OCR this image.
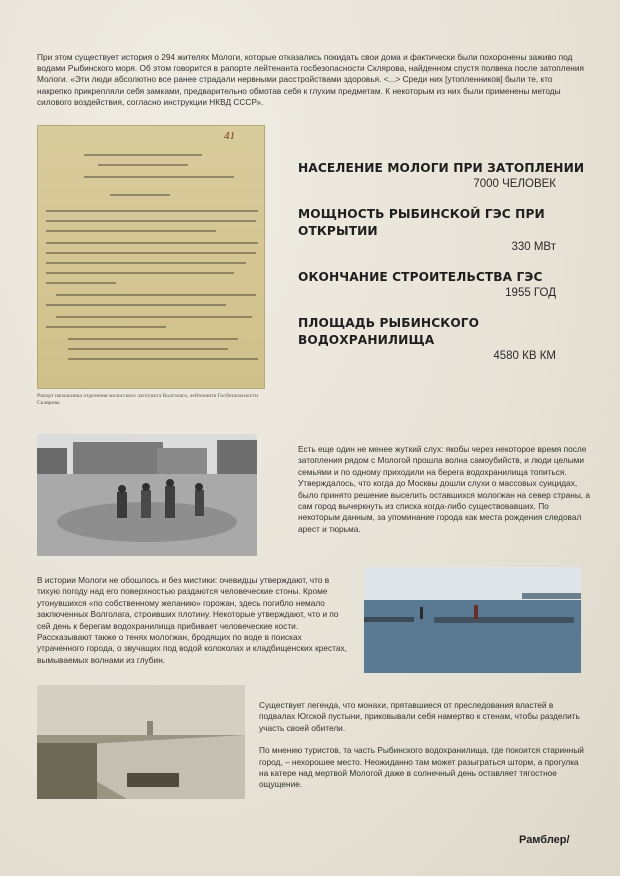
При этом существует история о 294 жителях Мологи, которые отказались покидать свои дома и фактически были похоронены заживо под водами Рыбинского моря. Об этом говорится в рапорте лейтенанта госбезопасности Склярова, найденном спустя полвека после затопления Мологи. «Эти люди абсолютно все ранее страдали нервными расстройствами здоровья. <...> Среди них [утопленников] были те, кто накрепко прикрепляли себя замками, предварительно обмотав себя к глухим предметам. К некоторым из них были применены методы силового воздействия, согласно инструкции НКВД СССР».

41

Рапорт начальника отделения мологского лагпункта Волголага, лейтенанта Госбезопасности Склярова

НАСЕЛЕНИЕ МОЛОГИ ПРИ ЗАТОПЛЕНИИ
7000 ЧЕЛОВЕК
МОЩНОСТЬ РЫБИНСКОЙ ГЭС ПРИ ОТКРЫТИИ
330 МВт
ОКОНЧАНИЕ СТРОИТЕЛЬСТВА ГЭС
1955 ГОД
ПЛОЩАДЬ РЫБИНСКОГО ВОДОХРАНИЛИЩА
4580 КВ КМ

Есть еще один не менее жуткий слух: якобы через некоторое время после затопления рядом с Мологой прошла волна самоубийств, и люди целыми семьями и по одному приходили на берега водохранилища топиться. Утверждалось, что когда до Москвы дошли слухи о массовых суицидах, было принято решение выселить оставшихся мологжан на север страны, а сам город вычеркнуть из списка когда-либо существовавших. По некоторым данным, за упоминание города как места рождения следовал арест и тюрьма.

В истории Мологи не обошлось и без мистики: очевидцы утверждают, что в тихую погоду над его поверхностью раздаются человеческие стоны. Кроме утонувшихся «по собственному желанию» горожан, здесь погибло немало заключенных Волголага, строивших плотину. Некоторые утверждают, что и по сей день к берегам водохранилища прибивает человеческие кости. Рассказывают также о тенях мологжан, бродящих по воде в поисках утраченного города, о звучащих под водой колоколах и кладбищенских крестах, вымываемых волнами из глубин.

Существует легенда, что монахи, прятавшиеся от преследования властей в подвалах Югской пустыни, приковывали себя намертво к стенам, чтобы разделить участь своей обители.

По мнению туристов, та часть Рыбинского водохранилища, где покоится старинный город, – нехорошее место. Неожиданно там может разыграться шторм, а прогулка на катере над мертвой Мологой даже в солнечный день оставляет тягостное ощущение.

Рамблер/
